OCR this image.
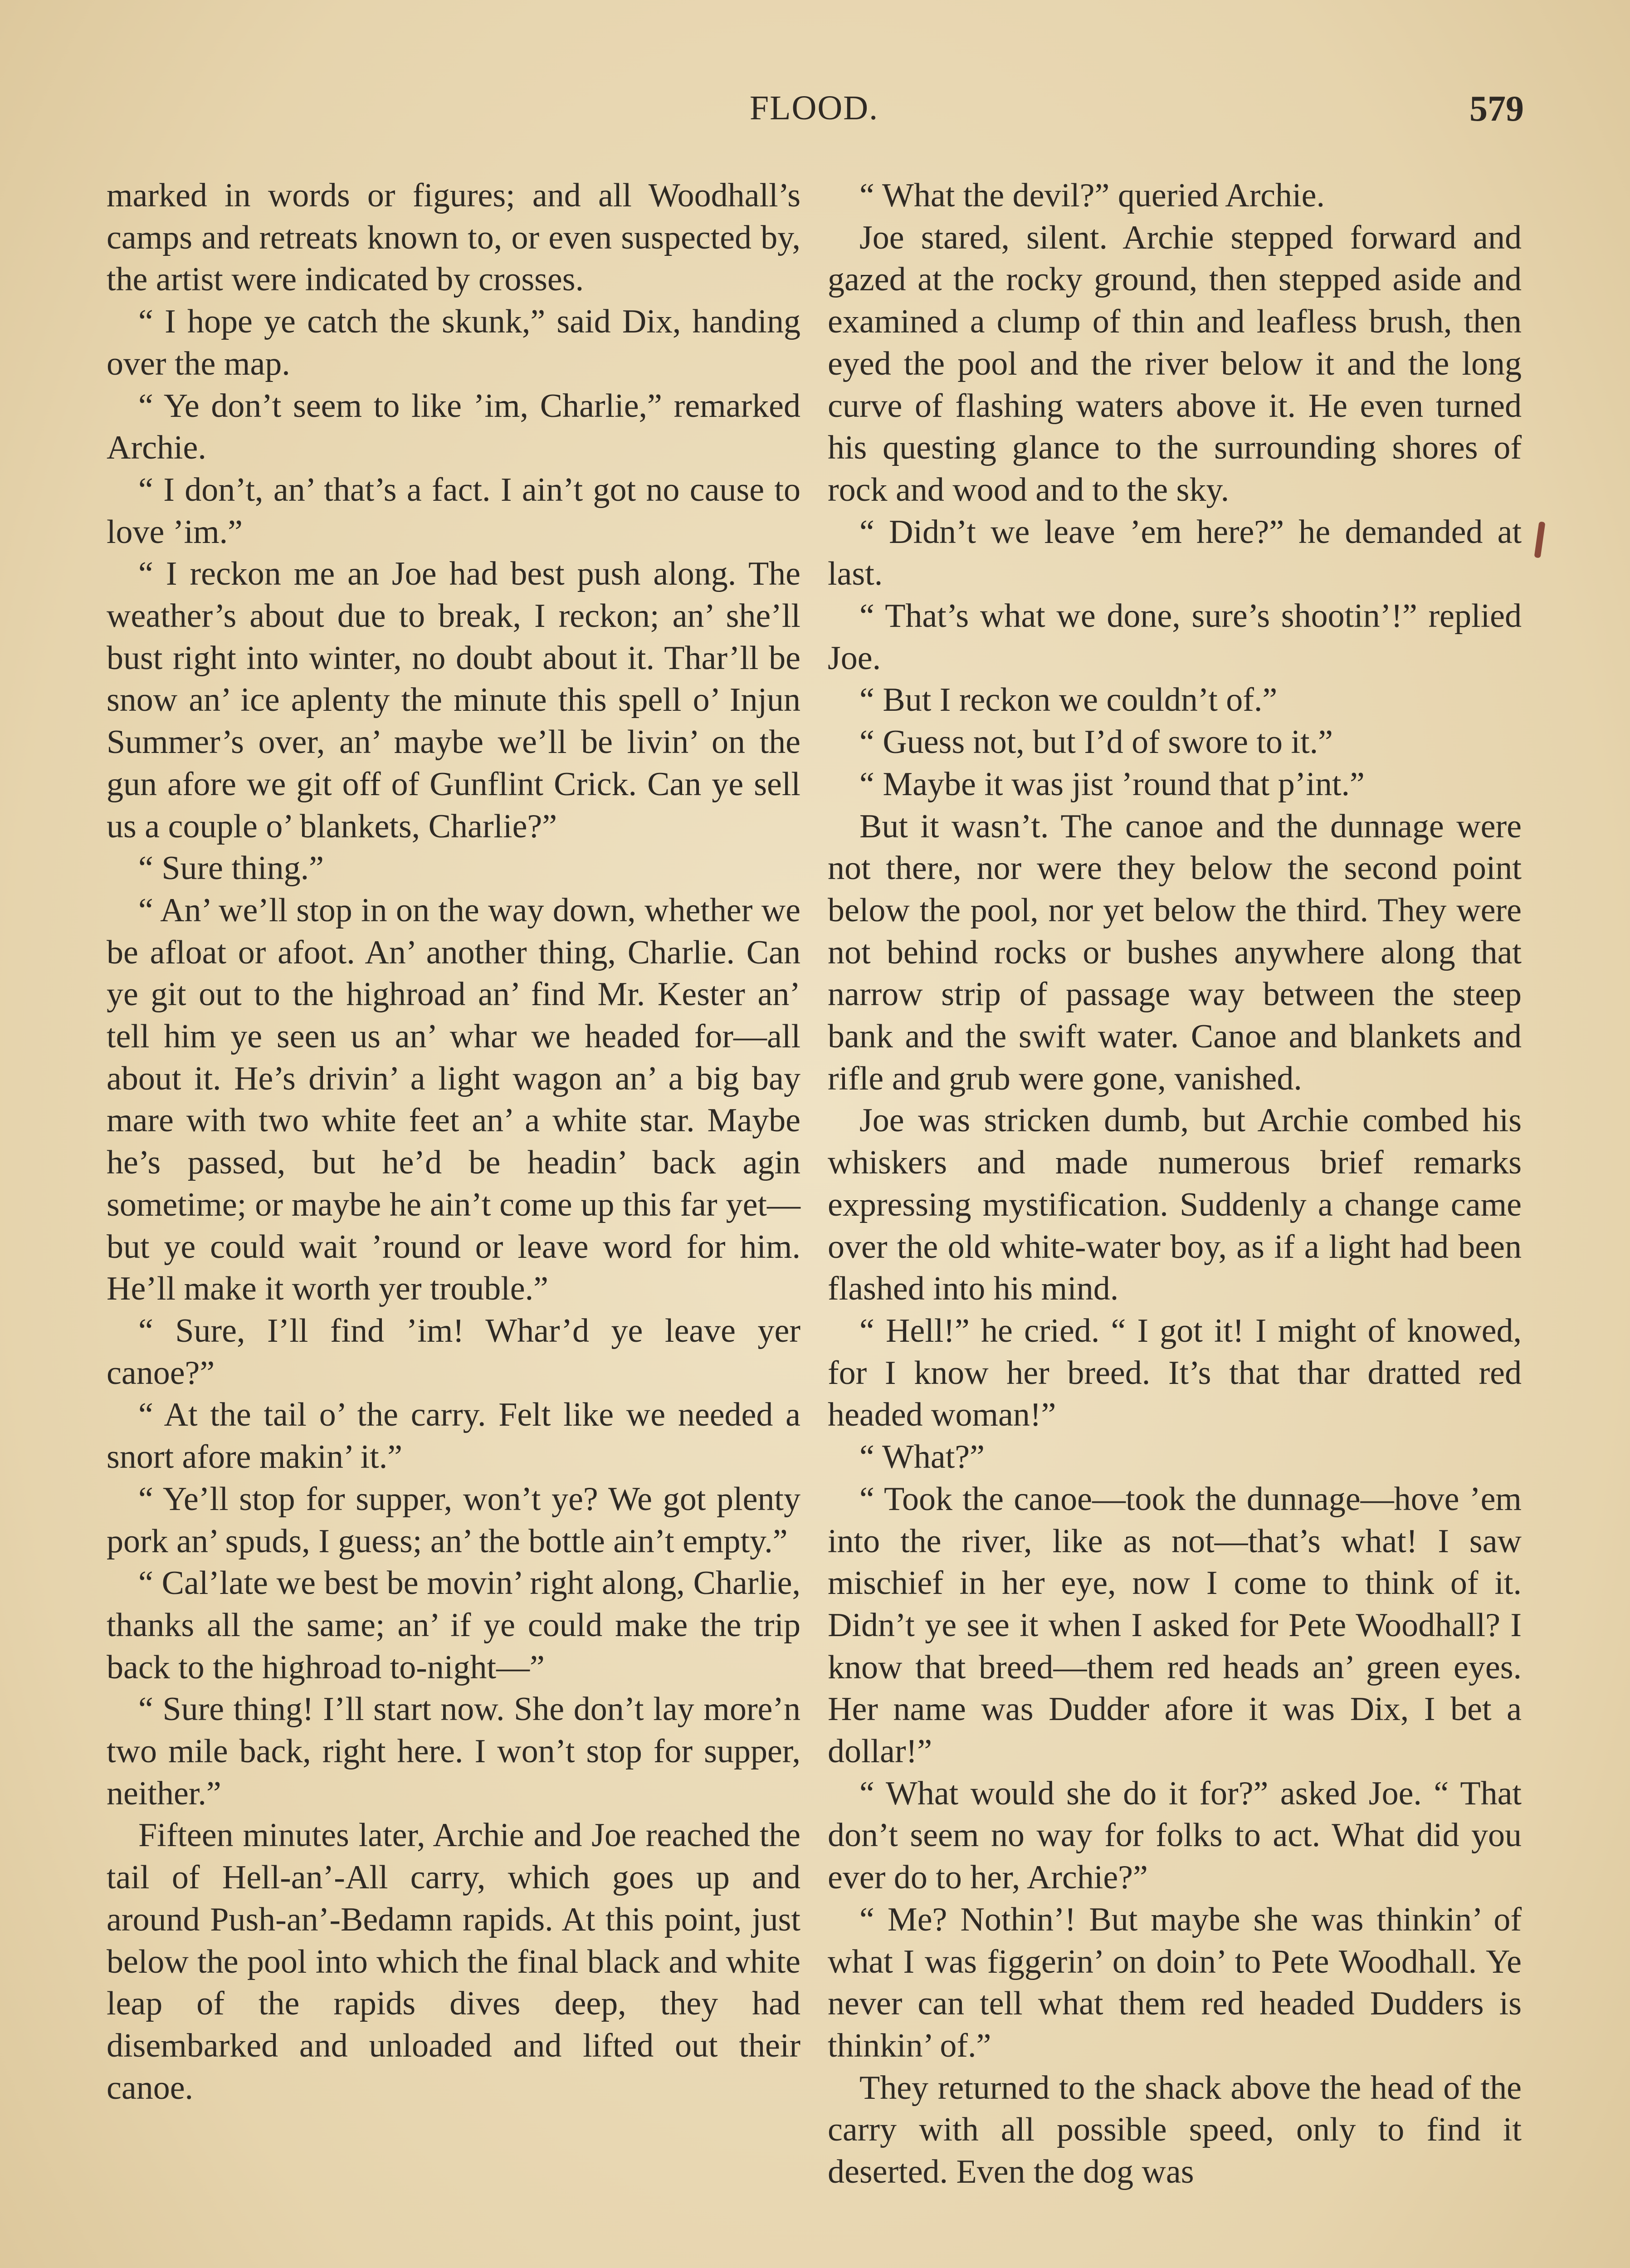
FLOOD.	579

marked in words or figures; and all Woodhall’s camps and retreats known to, or even suspected by, the artist were indicated by crosses.

“ I hope ye catch the skunk,” said Dix, handing over the map.

“ Ye don’t seem to like ’im, Charlie,” remarked Archie.

“ I don’t, an’ that’s a fact. I ain’t got no cause to love ’im.”

“ I reckon me an Joe had best push along. The weather’s about due to break, I reckon; an’ she’ll bust right into winter, no doubt about it. Thar’ll be snow an’ ice aplenty the minute this spell o’ Injun Summer’s over, an’ maybe we’ll be livin’ on the gun afore we git off of Gunflint Crick. Can ye sell us a couple o’ blankets, Charlie?”

“ Sure thing.”

“ An’ we’ll stop in on the way down, whether we be afloat or afoot. An’ another thing, Charlie. Can ye git out to the highroad an’ find Mr. Kester an’ tell him ye seen us an’ whar we headed for—all about it. He’s drivin’ a light wagon an’ a big bay mare with two white feet an’ a white star. Maybe he’s passed, but he’d be headin’ back agin sometime; or maybe he ain’t come up this far yet—but ye could wait ’round or leave word for him. He’ll make it worth yer trouble.”

“ Sure, I’ll find ’im! Whar’d ye leave yer canoe?”

“ At the tail o’ the carry. Felt like we needed a snort afore makin’ it.”

“ Ye’ll stop for supper, won’t ye? We got plenty pork an’ spuds, I guess; an’ the bottle ain’t empty.”

“ Cal’late we best be movin’ right along, Charlie, thanks all the same; an’ if ye could make the trip back to the highroad to-night—”

“ Sure thing! I’ll start now. She don’t lay more’n two mile back, right here. I won’t stop for supper, neither.”

Fifteen minutes later, Archie and Joe reached the tail of Hell-an’-All carry, which goes up and around Push-an’-Bedamn rapids. At this point, just below the pool into which the final black and white leap of the rapids dives deep, they had disembarked and unloaded and lifted out their canoe.

“ What the devil?” queried Archie.

Joe stared, silent. Archie stepped forward and gazed at the rocky ground, then stepped aside and examined a clump of thin and leafless brush, then eyed the pool and the river below it and the long curve of flashing waters above it. He even turned his questing glance to the surrounding shores of rock and wood and to the sky.

“ Didn’t we leave ’em here?” he demanded at last.

“ That’s what we done, sure’s shootin’!” replied Joe.

“ But I reckon we couldn’t of.”

“ Guess not, but I’d of swore to it.”

“ Maybe it was jist ’round that p’int.”

But it wasn’t. The canoe and the dunnage were not there, nor were they below the second point below the pool, nor yet below the third. They were not behind rocks or bushes anywhere along that narrow strip of passage way between the steep bank and the swift water. Canoe and blankets and rifle and grub were gone, vanished.

Joe was stricken dumb, but Archie combed his whiskers and made numerous brief remarks expressing mystification. Suddenly a change came over the old white-water boy, as if a light had been flashed into his mind.

“ Hell!” he cried. “ I got it! I might of knowed, for I know her breed. It’s that thar dratted red headed woman!”

“ What?”

“ Took the canoe—took the dunnage—hove ’em into the river, like as not—that’s what! I saw mischief in her eye, now I come to think of it. Didn’t ye see it when I asked for Pete Woodhall? I know that breed—them red heads an’ green eyes. Her name was Dudder afore it was Dix, I bet a dollar!”

“ What would she do it for?” asked Joe. “ That don’t seem no way for folks to act. What did you ever do to her, Archie?”

“ Me? Nothin’! But maybe she was thinkin’ of what I was figgerin’ on doin’ to Pete Woodhall. Ye never can tell what them red headed Dudders is thinkin’ of.”

They returned to the shack above the head of the carry with all possible speed, only to find it deserted. Even the dog was
